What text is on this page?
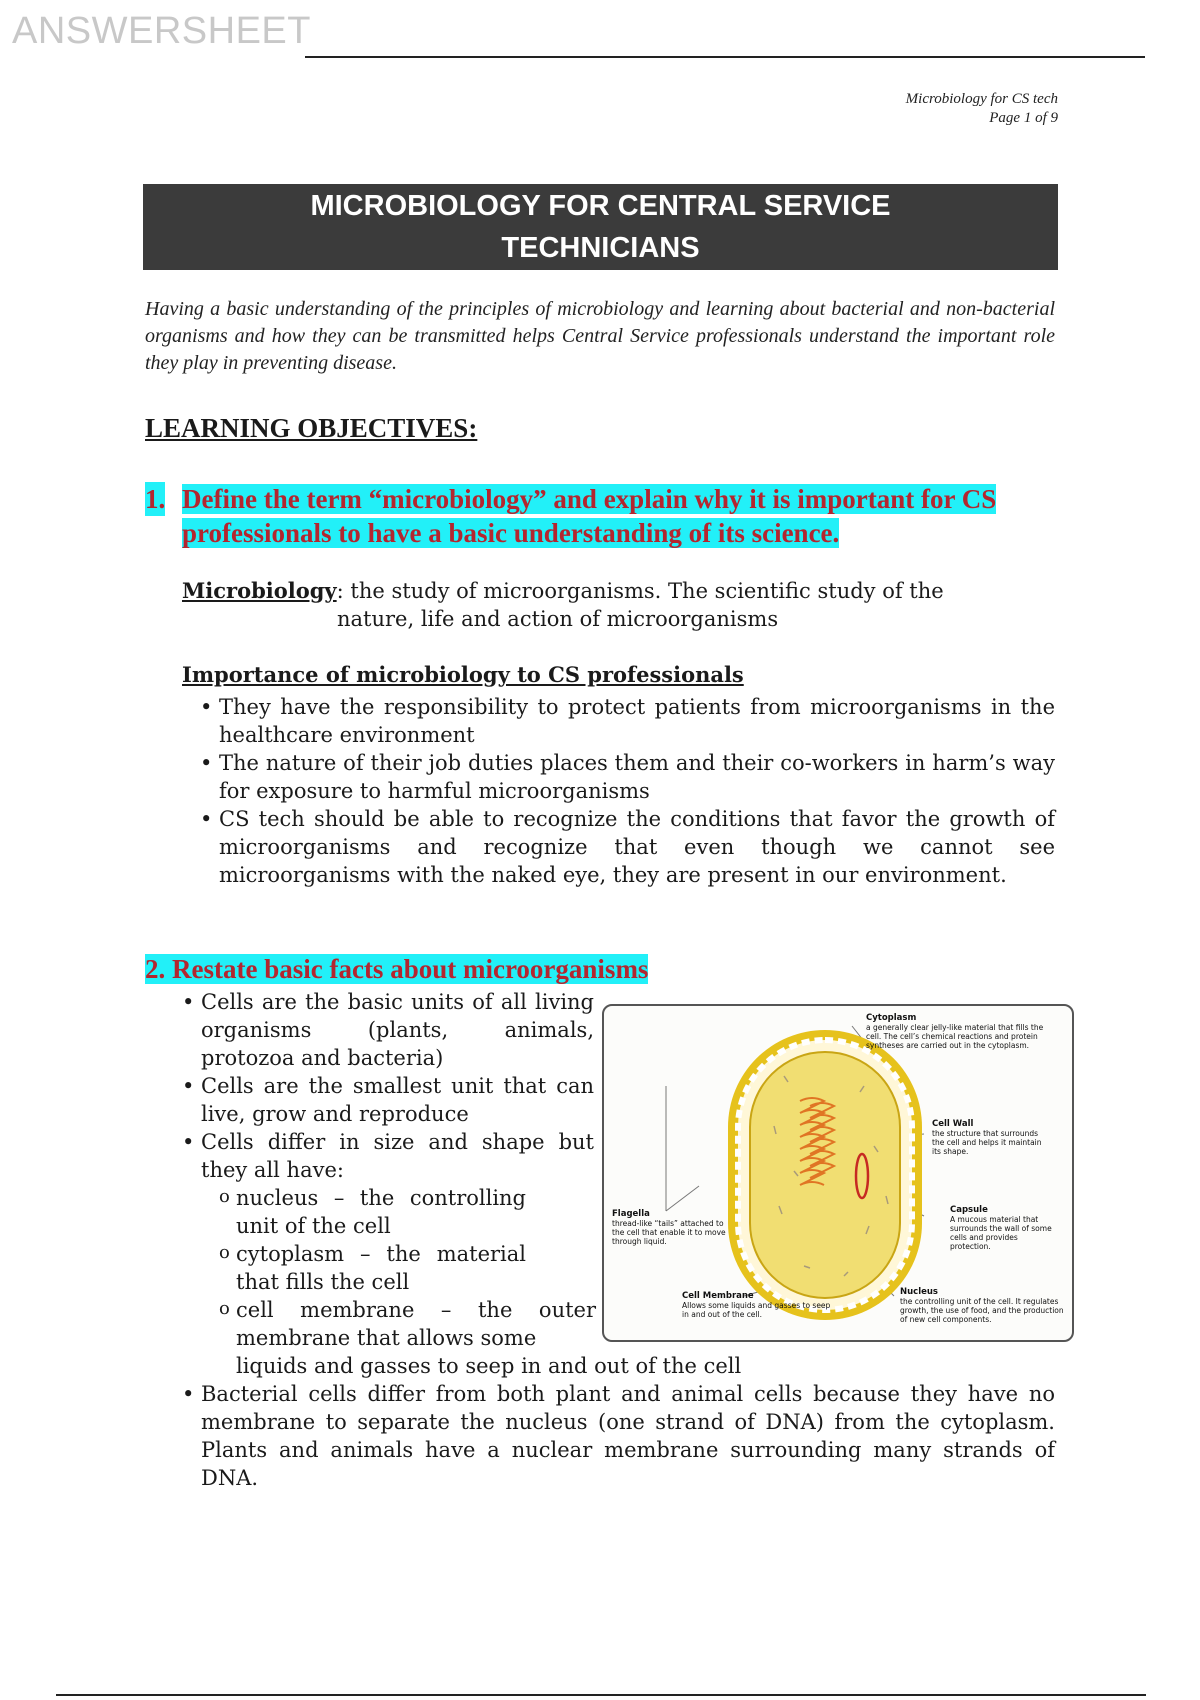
ANSWERSHEET
Microbiology for CS tech
Page 1 of 9
MICROBIOLOGY FOR CENTRAL SERVICE TECHNICIANS
Having a basic understanding of the principles of microbiology and learning about bacterial and non-bacterial organisms and how they can be transmitted helps Central Service professionals understand the important role they play in preventing disease.
LEARNING OBJECTIVES:
1. Define the term “microbiology” and explain why it is important for CS professionals to have a basic understanding of its science.
Microbiology: the study of microorganisms. The scientific study of the
nature, life and action of microorganisms
Importance of microbiology to CS professionals
• They have the responsibility to protect patients from microorganisms in the healthcare environment
• The nature of their job duties places them and their co-workers in harm’s way for exposure to harmful microorganisms
• CS tech should be able to recognize the conditions that favor the growth of microorganisms and recognize that even though we cannot see microorganisms with the naked eye, they are present in our environment.
2. Restate basic facts about microorganisms
• Cells are the basic units of all living organisms (plants, animals, protozoa and bacteria)
• Cells are the smallest unit that can live, grow and reproduce
• Cells differ in size and shape but they all have:
o nucleus – the controlling unit of the cell
o cytoplasm – the material that fills the cell
o cell membrane – the outer membrane that allows some
liquids and gasses to seep in and out of the cell
• Bacterial cells differ from both plant and animal cells because they have no membrane to separate the nucleus (one strand of DNA) from the cytoplasm. Plants and animals have a nuclear membrane surrounding many strands of DNA.
Cytoplasm
a generally clear jelly-like material that fills the cell. The cell’s chemical reactions and protein syntheses are carried out in the cytoplasm.
Cell Wall
the structure that surrounds the cell and helps it maintain its shape.
Capsule
A mucous material that surrounds the wall of some cells and provides protection.
Flagella
thread-like “tails” attached to the cell that enable it to move through liquid.
Cell Membrane
Allows some liquids and gasses to seep in and out of the cell.
Nucleus
the controlling unit of the cell. It regulates growth, the use of food, and the production of new cell components.
